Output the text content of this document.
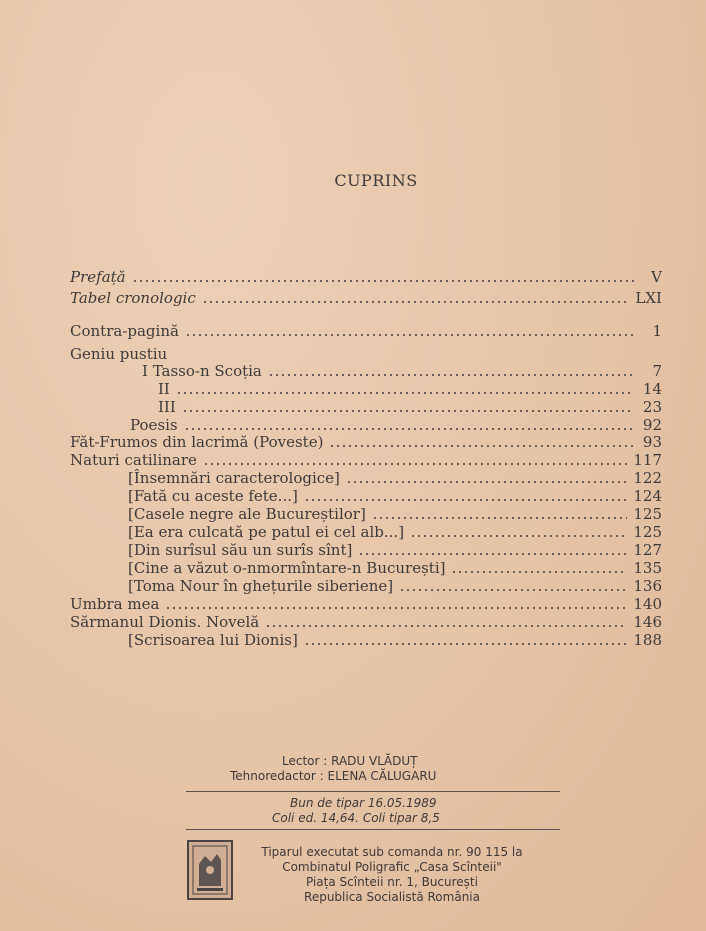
CUPRINS
Prefață	V
Tabel cronologic	LXI
Contra-pagină	1
Geniu pustiu
I Tasso-n Scoția	7
II	14
III	23
Poesis	92
Făt-Frumos din lacrimă (Poveste)	93
Naturi catilinare	117
[Însemnări caracterologice]	122
[Fată cu aceste fete...]	124
[Casele negre ale Bucureștilor]	125
[Ea era culcată pe patul ei cel alb...]	125
[Din surîsul său un surîs sînt]	127
[Cine a văzut o-nmormîntare-n București]	135
[Toma Nour în ghețurile siberiene]	136
Umbra mea	140
Sărmanul Dionis. Novelă	146
[Scrisoarea lui Dionis]	188
Lector : RADU VLĂDUȚ
Tehnoredactor : ELENA CĂLUGARU
Bun de tipar 16.05.1989
Coli ed. 14,64. Coli tipar 8,5
Tiparul executat sub comanda nr. 90 115 la
Combinatul Poligrafic „Casa Scînteii"
Piața Scînteii nr. 1, București
Republica Socialistă România
